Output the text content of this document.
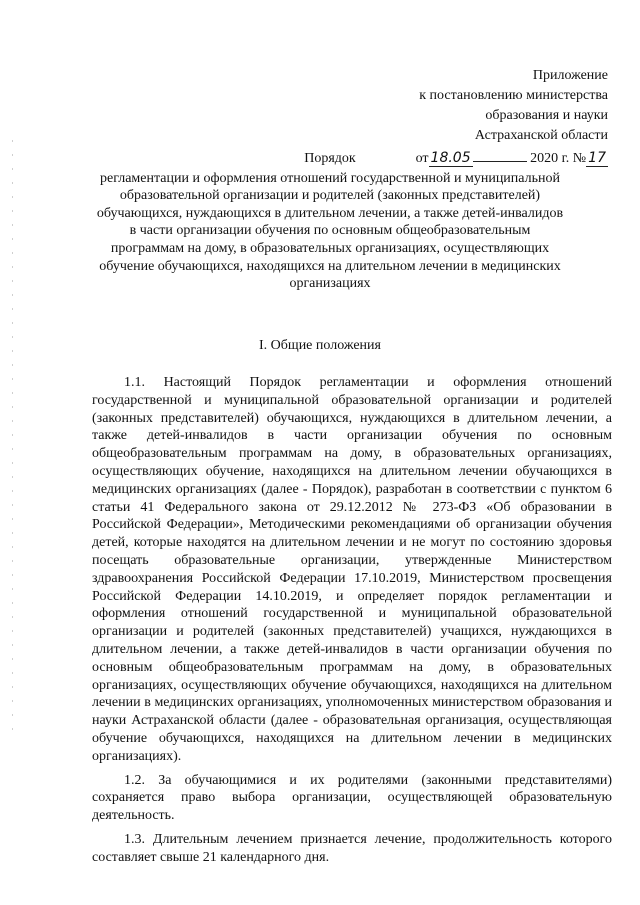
Приложение
к постановлению министерства
образования и науки
Астраханской области
от 18.05	2020 г. № 17
Порядок
регламентации и оформления отношений государственной и муниципальной образовательной организации и родителей (законных представителей) обучающихся, нуждающихся в длительном лечении, а также детей-инвалидов в части организации обучения по основным общеобразовательным программам на дому, в образовательных организациях, осуществляющих обучение обучающихся, находящихся на длительном лечении в медицинских организациях
I. Общие положения

1.1. Настоящий Порядок регламентации и оформления отношений государственной и муниципальной образовательной организации и родителей (законных представителей) обучающихся, нуждающихся в длительном лечении, а также детей-инвалидов в части организации обучения по основным общеобразовательным программам на дому, в образовательных организациях, осуществляющих обучение, находящихся на длительном лечении обучающихся в медицинских организациях (далее - Порядок), разработан в соответствии с пунктом 6 статьи 41 Федерального закона от 29.12.2012 № 273-ФЗ «Об образовании в Российской Федерации», Методическими рекомендациями об организации обучения детей, которые находятся на длительном лечении и не могут по состоянию здоровья посещать образовательные организации, утвержденные Министерством здравоохранения Российской Федерации 17.10.2019, Министерством просвещения Российской Федерации 14.10.2019, и определяет порядок регламентации и оформления отношений государственной и муниципальной образовательной организации и родителей (законных представителей) учащихся, нуждающихся в длительном лечении, а также детей-инвалидов в части организации обучения по основным общеобразовательным программам на дому, в образовательных организациях, осуществляющих обучение обучающихся, находящихся на длительном лечении в медицинских организациях, уполномоченных министерством образования и науки Астраханской области (далее - образовательная организация, осуществляющая обучение обучающихся, находящихся на длительном лечении в медицинских организациях).

1.2. За обучающимися и их родителями (законными представителями) сохраняется право выбора организации, осуществляющей образовательную деятельность.

1.3. Длительным лечением признается лечение, продолжительность которого составляет свыше 21 календарного дня.
